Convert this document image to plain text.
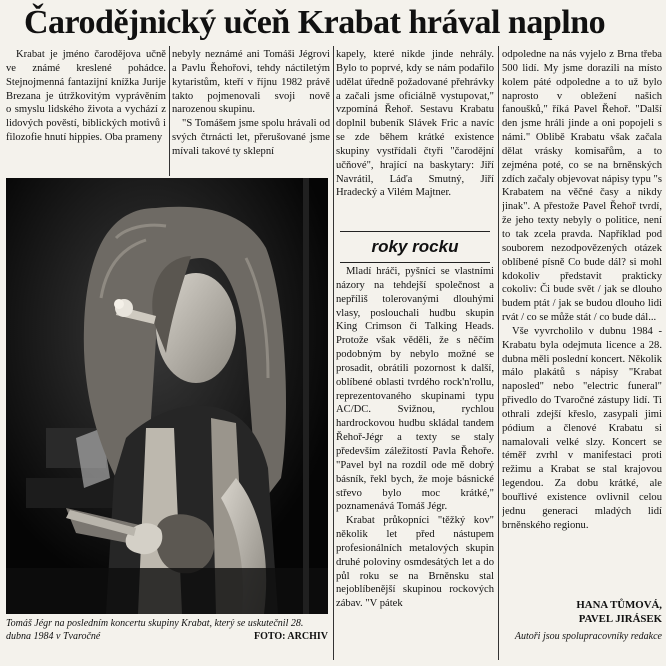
Čarodějnický učeň Krabat hrával naplno

Krabat je jméno čarodějova učně ve známé kreslené pohádce. Stejnojmenná fantazijní knížka Jurije Brezana je útržkovitým vyprávěním o smyslu lidského života a vychází z lidových pověstí, biblických motivů i filozofie hnutí hippies. Oba prameny

nebyly neznámé ani Tomáši Jégrovi a Pavlu Řehořovi, tehdy náctiletým kytaristům, kteří v říjnu 1982 právě takto pojmenovali svoji nově narozenou skupinu.

"S Tomášem jsme spolu hrávali od svých čtrnácti let, přerušované jsme mívali takové ty sklepní

kapely, které nikde jinde nehrály. Bylo to poprvé, kdy se nám podařilo udělat úředně požadované přehrávky a začali jsme oficiálně vystupovat," vzpomíná Řehoř. Sestavu Krabatu doplnil bubeník Slávek Fric a navíc se zde během krátké existence skupiny vystřídali čtyři "čarodějní učňové", hrající na baskytary: Jiří Navrátil, Láďa Smutný, Jiří Hradecký a Vilém Majtner.

roky rocku

Mladí hráči, pyšníci se vlastními názory na tehdejší společnost a nepříliš tolerovanými dlouhými vlasy, poslouchali hudbu skupin King Crimson či Talking Heads. Protože však věděli, že s něčím podobným by nebylo možné se prosadit, obrátili pozornost k další, oblíbené oblasti tvrdého rock'n'rollu, reprezentovaného skupinami typu AC/DC. Svižnou, rychlou hardrockovou hudbu skládal tandem Řehoř-Jégr a texty se staly především záležitostí Pavla Řehoře. "Pavel byl na rozdíl ode mě dobrý básník, řekl bych, že moje básnické střevo bylo moc krátké," poznamenává Tomáš Jégr.

Krabat průkopníci "těžký kov" několik let před nástupem profesionálních metalových skupin druhé poloviny osmdesátých let a do půl roku se na Brněnsku stal nejoblíbenější skupinou rockových zábav. "V pátek

odpoledne na nás vyjelo z Brna třeba 500 lidí. My jsme dorazili na místo kolem páté odpoledne a to už bylo naprosto v obležení našich fanoušků," říká Pavel Řehoř. "Další den jsme hráli jinde a oni popojeli s námi." Oblibě Krabatu však začala dělat vrásky komisařům, a to zejména poté, co se na brněnských zdích začaly objevovat nápisy typu "s Krabatem na věčné časy a nikdy jinak". A přestože Pavel Řehoř tvrdí, že jeho texty nebyly o politice, není to tak zcela pravda. Například pod souborem nezodpovězených otázek oblíbené písně Co bude dál? si mohl kdokoliv představit prakticky cokoliv: Či bude svět / jak se dlouho budem ptát / jak se budou dlouho lidi rvát / co se může stát / co bude dál...

Vše vyvrcholilo v dubnu 1984 - Krabatu byla odejmuta licence a 28. dubna měli poslední koncert. Několik málo plakátů s nápisy "Krabat naposled" nebo "electric funeral" přivedlo do Tvaročné zástupy lidí. Ti othrali zdejší křeslo, zasypali jimi pódium a členové Krabatu si namalovali velké slzy. Koncert se téměř zvrhl v manifestaci proti režimu a Krabat se stal krajovou legendou. Za dobu krátké, ale bouřlivé existence ovlivnil celou jednu generaci mladých lidí brněnského regionu.

HANA TŮMOVÁ,
PAVEL JIRÁSEK
Autoři jsou spolupracovníky redakce
Tomáš Jégr na posledním koncertu skupiny Krabat, který se uskutečnil 28. dubna 1984 v Tvaročné	FOTO: ARCHIV
